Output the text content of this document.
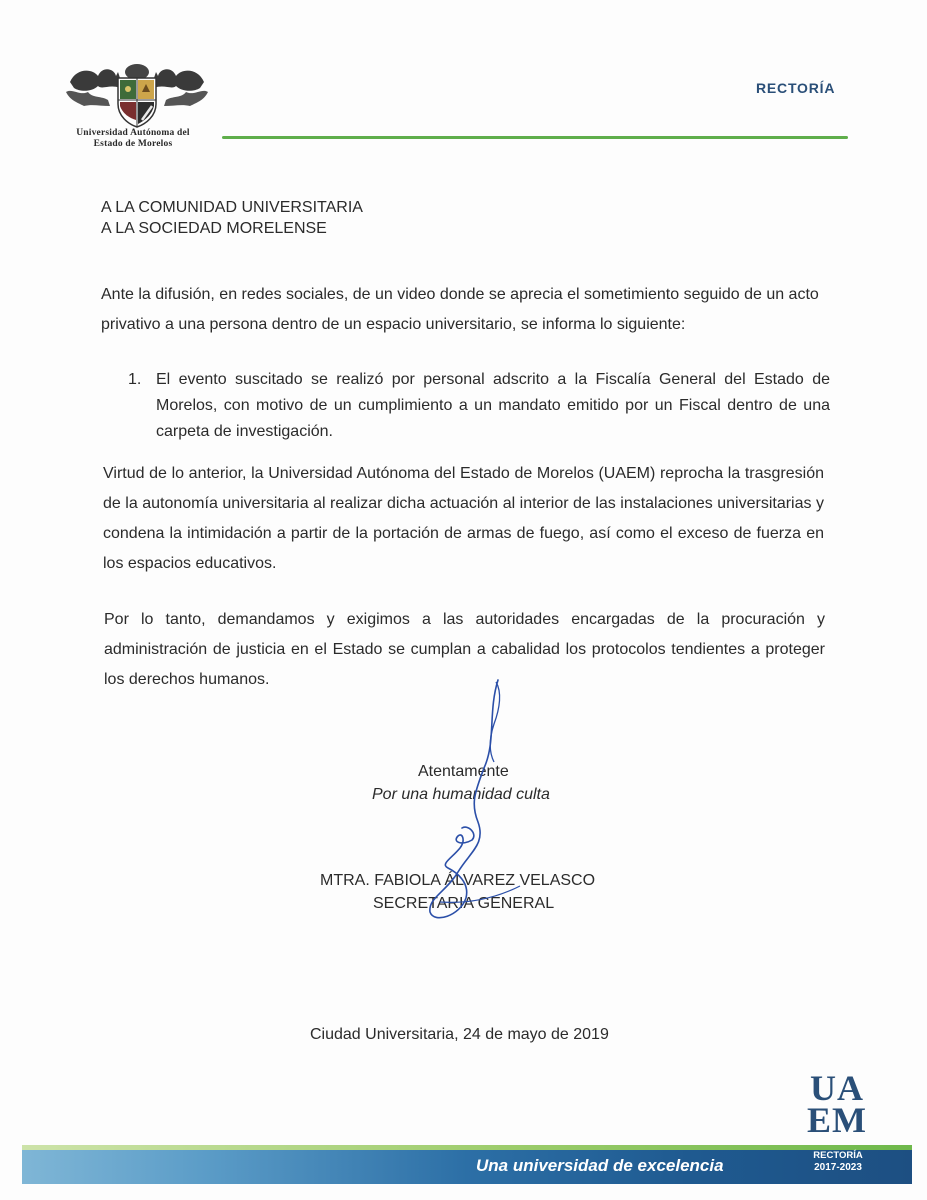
Universidad Autónoma del
Estado de Morelos
RECTORÍA
A LA COMUNIDAD UNIVERSITARIA
A LA SOCIEDAD MORELENSE
Ante la difusión, en redes sociales, de un video donde se aprecia el sometimiento seguido de un acto privativo a una persona dentro de un espacio universitario, se informa lo siguiente:
1. El evento suscitado se realizó por personal adscrito a la Fiscalía General del Estado de Morelos, con motivo de un cumplimiento a un mandato emitido por un Fiscal dentro de una carpeta de investigación.
Virtud de lo anterior, la Universidad Autónoma del Estado de Morelos (UAEM) reprocha la trasgresión de la autonomía universitaria al realizar dicha actuación al interior de las instalaciones universitarias y condena la intimidación a partir de la portación de armas de fuego, así como el exceso de fuerza en los espacios educativos.
Por lo tanto, demandamos y exigimos a las autoridades encargadas de la procuración y administración de justicia en el Estado se cumplan a cabalidad los protocolos tendientes a proteger los derechos humanos.
Atentamente
Por una humanidad culta
MTRA. FABIOLA ÁLVAREZ VELASCO
SECRETARIA GENERAL
Ciudad Universitaria, 24 de mayo de 2019
UA
EM
Una universidad de excelencia
RECTORÍA
2017-2023
